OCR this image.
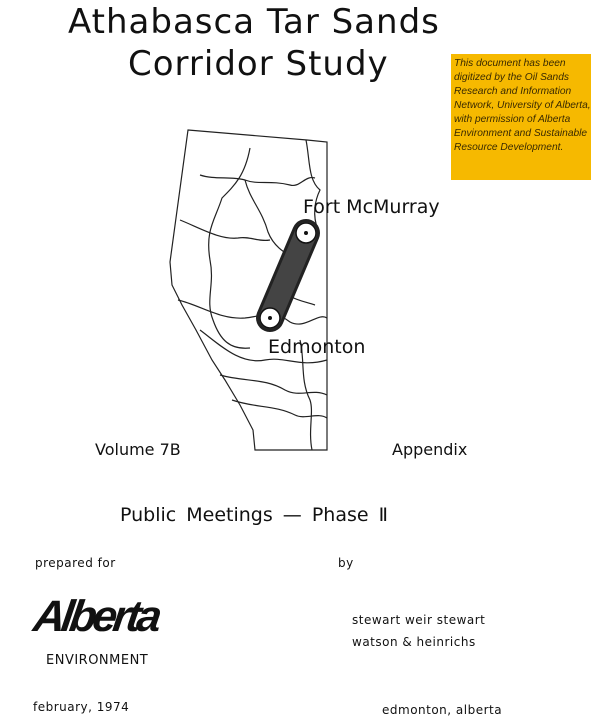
Athabasca Tar Sands
Corridor Study	This document has been digitized by the Oil Sands Research and Information Network, University of Alberta, with permission of Alberta Environment and Sustainable Resource Development.
Fort McMurray
Edmonton
Volume 7B	Appendix
Public Meetings — Phase Ⅱ
prepared for	by
Alberta
ENVIRONMENT
stewart weir stewart
watson & heinrichs
february, 1974	edmonton, alberta
